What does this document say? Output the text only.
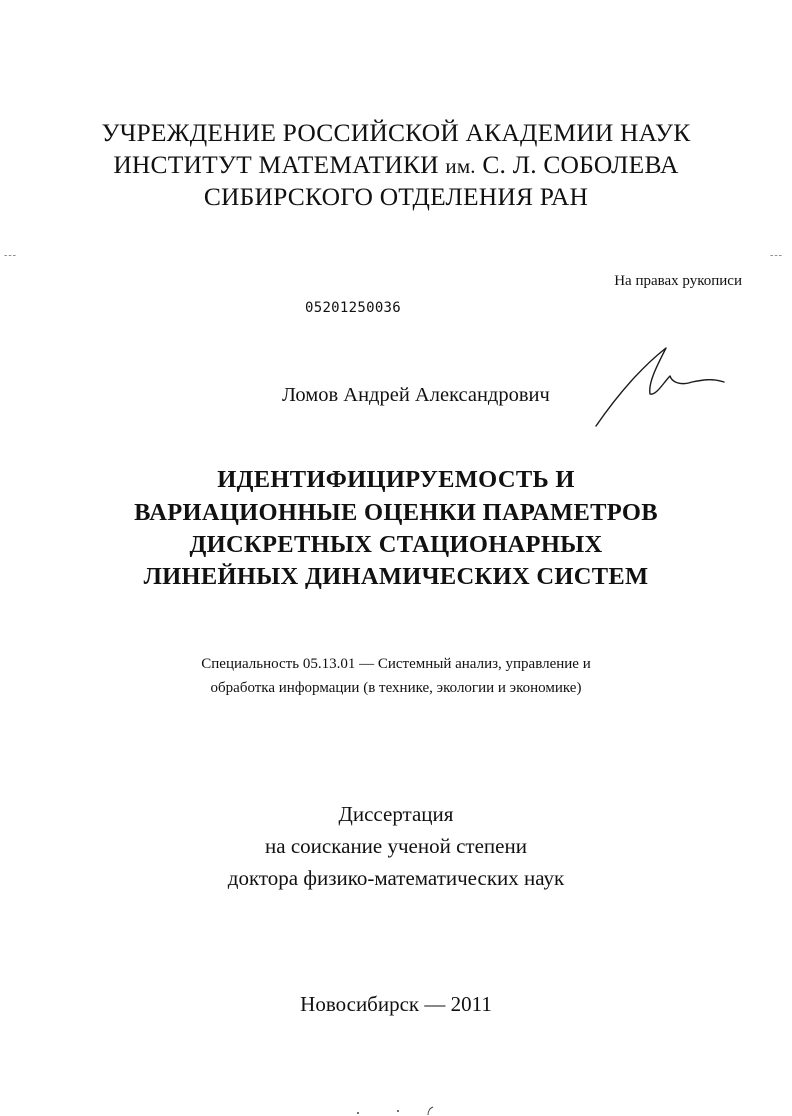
УЧРЕЖДЕНИЕ РОССИЙСКОЙ АКАДЕМИИ НАУК
ИНСТИТУТ МАТЕМАТИКИ им. С. Л. СОБОЛЕВА
СИБИРСКОГО ОТДЕЛЕНИЯ РАН
---	---
На правах рукописи
05201250036
Ломов Андрей Александрович
ИДЕНТИФИЦИРУЕМОСТЬ И
ВАРИАЦИОННЫЕ ОЦЕНКИ ПАРАМЕТРОВ
ДИСКРЕТНЫХ СТАЦИОНАРНЫХ
ЛИНЕЙНЫХ ДИНАМИЧЕСКИХ СИСТЕМ
Специальность 05.13.01 — Системный анализ, управление и
обработка информации (в технике, экологии и экономике)
Диссертация
на соискание ученой степени
доктора физико-математических наук
Новосибирск — 2011
